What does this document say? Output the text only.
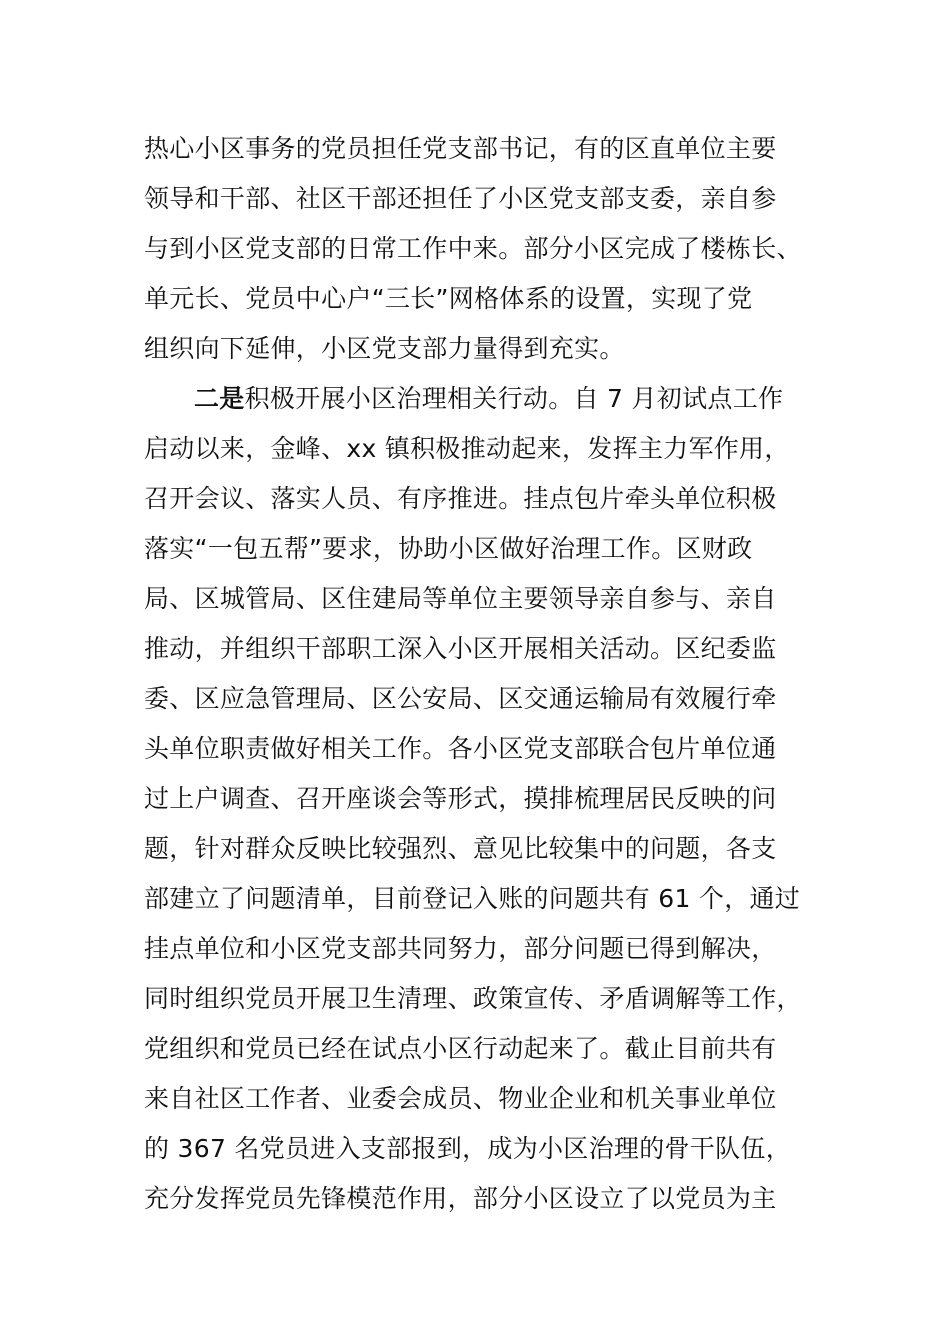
热心小区事务的党员担任党支部书记，有的区直单位主要
领导和干部、社区干部还担任了小区党支部支委，亲自参
与到小区党支部的日常工作中来。部分小区完成了楼栋长、
单元长、党员中心户“三长”网格体系的设置，实现了党
组织向下延伸，小区党支部力量得到充实。
二是积极开展小区治理相关行动。自 7 月初试点工作
启动以来，金峰、xx 镇积极推动起来，发挥主力军作用，
召开会议、落实人员、有序推进。挂点包片牵头单位积极
落实“一包五帮”要求，协助小区做好治理工作。区财政
局、区城管局、区住建局等单位主要领导亲自参与、亲自
推动，并组织干部职工深入小区开展相关活动。区纪委监
委、区应急管理局、区公安局、区交通运输局有效履行牵
头单位职责做好相关工作。各小区党支部联合包片单位通
过上户调查、召开座谈会等形式，摸排梳理居民反映的问
题，针对群众反映比较强烈、意见比较集中的问题，各支
部建立了问题清单，目前登记入账的问题共有 61 个，通过
挂点单位和小区党支部共同努力，部分问题已得到解决，
同时组织党员开展卫生清理、政策宣传、矛盾调解等工作，
党组织和党员已经在试点小区行动起来了。截止目前共有
来自社区工作者、业委会成员、物业企业和机关事业单位
的 367 名党员进入支部报到，成为小区治理的骨干队伍，
充分发挥党员先锋模范作用，部分小区设立了以党员为主
